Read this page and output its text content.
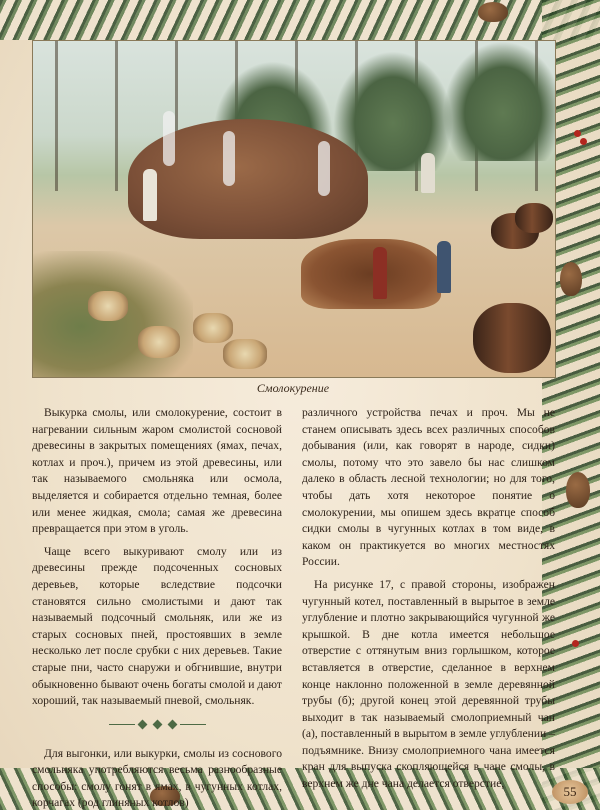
Смолокурение

Выкурка смолы, или смолокурение, состоит в нагревании сильным жаром смолистой сосновой древесины в закрытых помещениях (ямах, печах, котлах и проч.), причем из этой древесины, или так называемого смольняка или осмола, выделяется и собирается отдельно темная, более или менее жидкая, смола; самая же древесина превращается при этом в уголь.

Чаще всего выкуривают смолу или из древесины прежде подсоченных сосновых деревьев, которые вследствие подсочки становятся сильно смолистыми и дают так называемый подсочный смольняк, или же из старых сосновых пней, простоявших в земле несколько лет после срубки с них деревьев. Такие старые пни, часто снаружи и обгнившие, внутри обыкновенно бывают очень богаты смолой и дают хороший, так называемый пневой, смольняк.

Для выгонки, или выкурки, смолы из соснового смольняка употребляются весьма разнообразные способы: смолу гонят в ямах, в чугунных котлах, корчагах (род глиняных котлов)

различного устройства печах и проч. Мы не станем описывать здесь всех различных способов добывания (или, как говорят в народе, сидки) смолы, потому что это завело бы нас слишком далеко в область лесной технологии; но для того, чтобы дать хотя некоторое понятие о смолокурении, мы опишем здесь вкратце способ сидки смолы в чугунных котлах в том виде, в каком он практикуется во многих местностях России.

На рисунке 17, с правой стороны, изображен чугунный котел, поставленный в вырытое в земле углубление и плотно закрывающийся чугунной же крышкой. В дне котла имеется небольшое отверстие с оттянутым вниз горлышком, которое вставляется в отверстие, сделанное в верхнем конце наклонно положенной в земле деревянной трубы (б); другой конец этой деревянной трубы выходит в так называемый смолоприемный чан (а), поставленный в вырытом в земле углублении – подъямнике. Внизу смолоприемного чана имеется кран для выпуска скопляющейся в чане смолы, в верхнем же дне чана делается отверстие,

55
